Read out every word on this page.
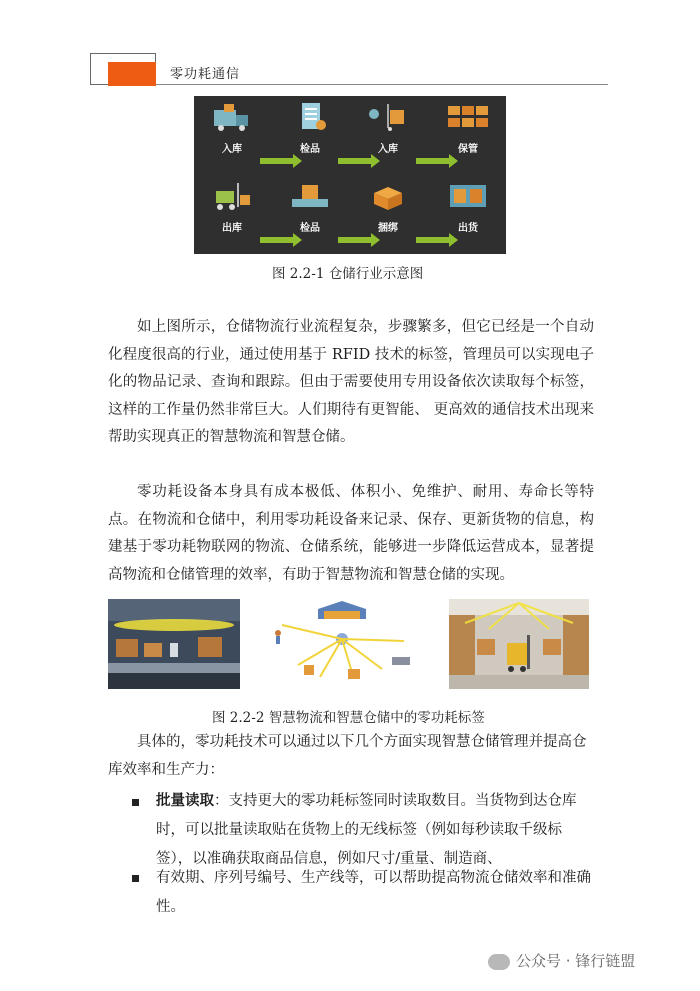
零功耗通信
入库	检品	入库	保管
出库	检品	捆绑	出货
图 2.2-1 仓储行业示意图

如上图所示，仓储物流行业流程复杂，步骤繁多，但它已经是一个自动化程度很高的行业，通过使用基于 RFID 技术的标签，管理员可以实现电子化的物品记录、查询和跟踪。但由于需要使用专用设备依次读取每个标签，这样的工作量仍然非常巨大。人们期待有更智能、 更高效的通信技术出现来帮助实现真正的智慧物流和智慧仓储。

零功耗设备本身具有成本极低、体积小、免维护、耐用、寿命长等特点。在物流和仓储中，利用零功耗设备来记录、保存、更新货物的信息，构建基于零功耗物联网的物流、仓储系统，能够进一步降低运营成本，显著提高物流和仓储管理的效率，有助于智慧物流和智慧仓储的实现。

图 2.2-2 智慧物流和智慧仓储中的零功耗标签

具体的，零功耗技术可以通过以下几个方面实现智慧仓储管理并提高仓库效率和生产力：

批量读取：支持更大的零功耗标签同时读取数目。当货物到达仓库时，可以批量读取贴在货物上的无线标签（例如每秒读取千级标签），以准确获取商品信息，例如尺寸/重量、制造商、

有效期、序列号编号、生产线等，可以帮助提高物流仓储效率和准确性。

公众号 · 锋行链盟
